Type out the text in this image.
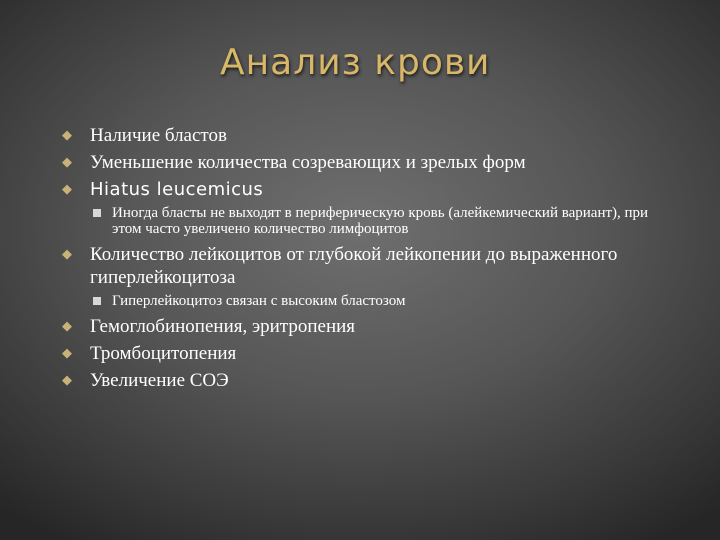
Анализ крови
◆ Наличие бластов
◆ Уменьшение количества созревающих и зрелых форм
◆ Hiatus leucemicus
Иногда бласты не выходят в периферическую кровь (алейкемический вариант), при этом часто увеличено количество лимфоцитов
◆ Количество лейкоцитов от глубокой лейкопении до выраженного гиперлейкоцитоза
Гиперлейкоцитоз связан с высоким бластозом
◆ Гемоглобинопения, эритропения
◆ Тромбоцитопения
◆ Увеличение СОЭ
